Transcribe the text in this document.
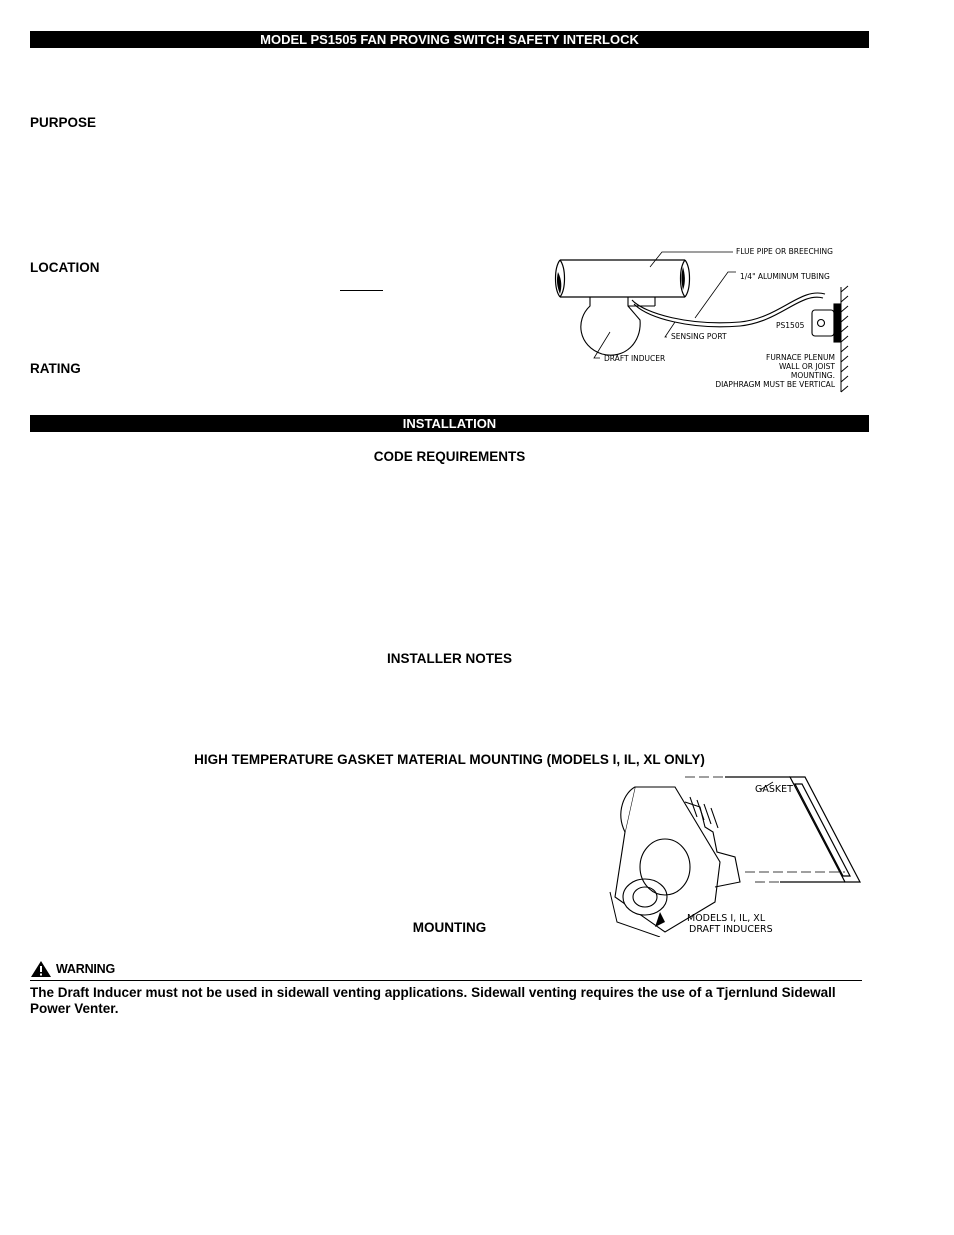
MODEL PS1505 FAN PROVING SWITCH SAFETY INTERLOCK
PURPOSE
LOCATION
RATING
FLUE PIPE OR BREECHING
1/4" ALUMINUM TUBING
PS1505
SENSING PORT
DRAFT INDUCER	FURNACE PLENUM
WALL OR JOIST
MOUNTING.
DIAPHRAGM MUST BE VERTICAL
INSTALLATION
CODE REQUIREMENTS
INSTALLER NOTES
HIGH TEMPERATURE GASKET MATERIAL MOUNTING (MODELS I, IL, XL ONLY)
MOUNTING
GASKET
MODELS I, IL, XL
DRAFT INDUCERS
WARNING
The Draft Inducer must not be used in sidewall venting applications. Sidewall venting requires the use of a Tjernlund Sidewall Power Venter.
